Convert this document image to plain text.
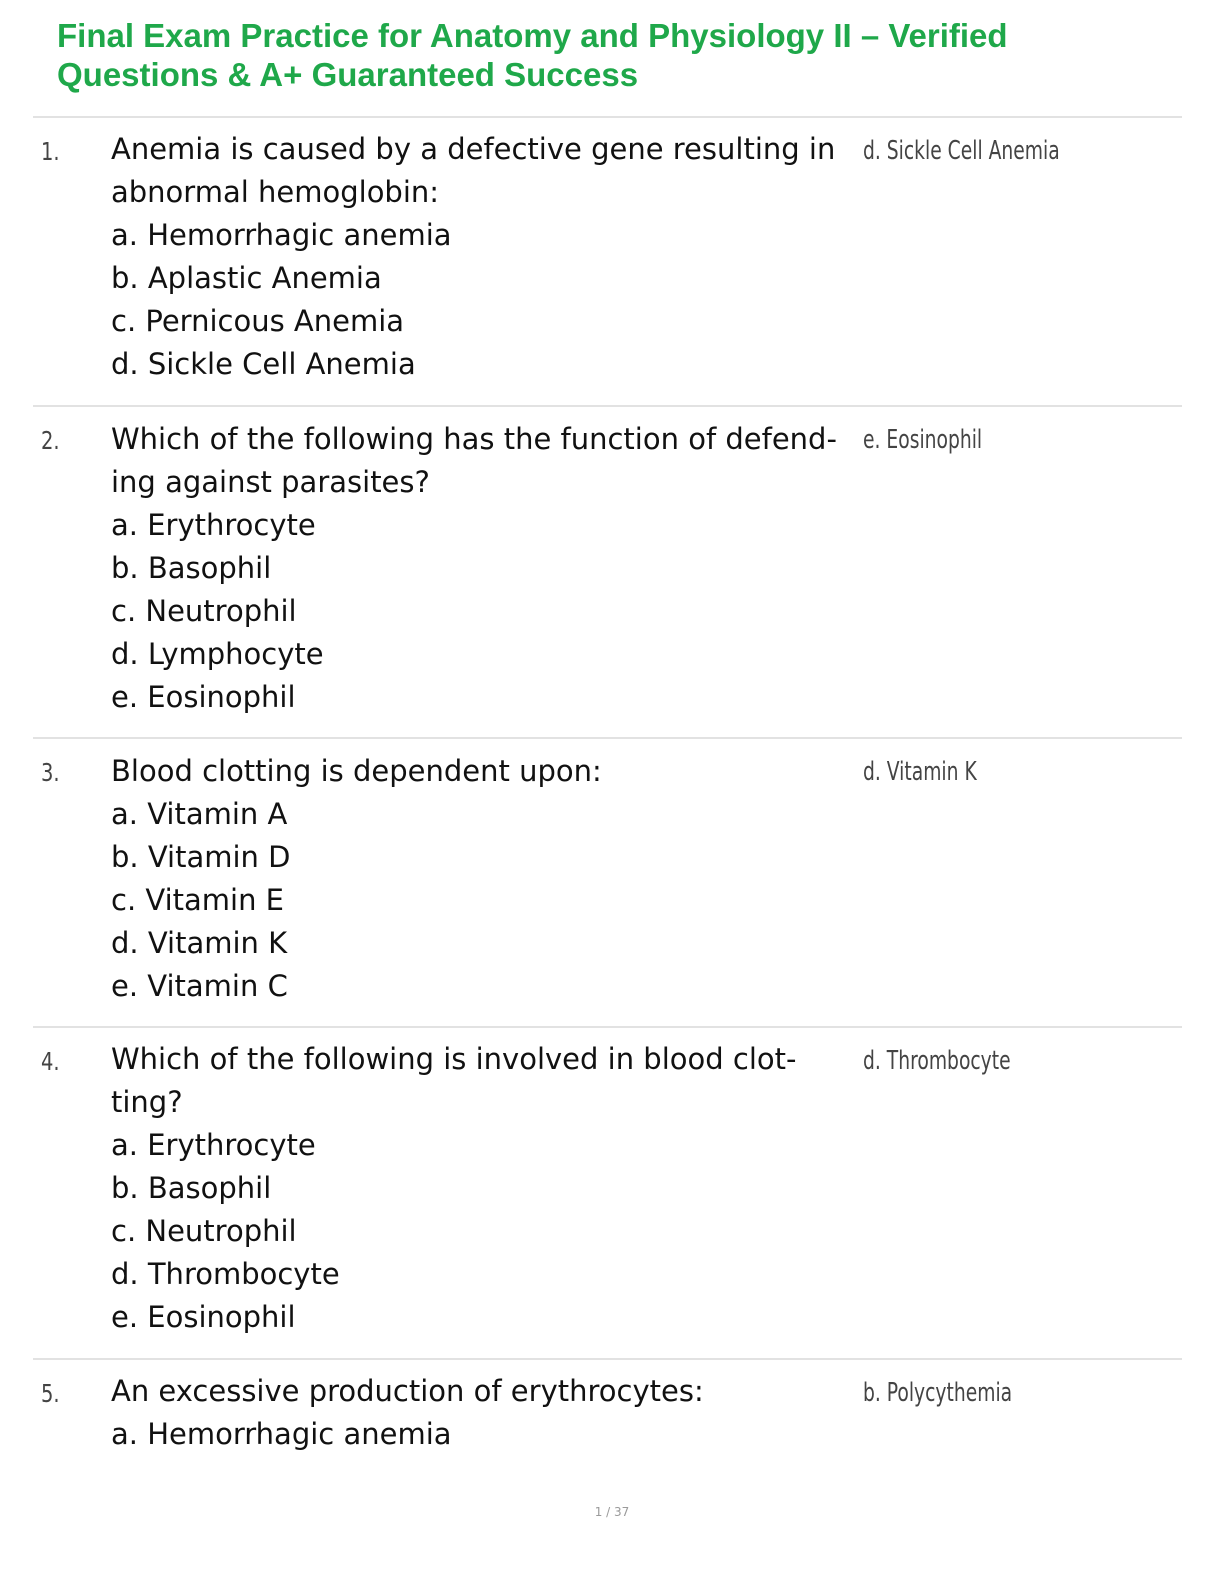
Final Exam Practice for Anatomy and Physiology II – Verified
Questions & A+ Guaranteed Success
1. Anemia is caused by a defective gene resulting in
abnormal hemoglobin:
a. Hemorrhagic anemia
b. Aplastic Anemia
c. Pernicous Anemia
d. Sickle Cell Anemia
d. Sickle Cell Anemia
2. Which of the following has the function of defend-
ing against parasites?
a. Erythrocyte
b. Basophil
c. Neutrophil
d. Lymphocyte
e. Eosinophil
e. Eosinophil
3. Blood clotting is dependent upon:
a. Vitamin A
b. Vitamin D
c. Vitamin E
d. Vitamin K
e. Vitamin C
d. Vitamin K
4. Which of the following is involved in blood clot-
ting?
a. Erythrocyte
b. Basophil
c. Neutrophil
d. Thrombocyte
e. Eosinophil
d. Thrombocyte
5. An excessive production of erythrocytes:
a. Hemorrhagic anemia
b. Polycythemia
1 / 37
